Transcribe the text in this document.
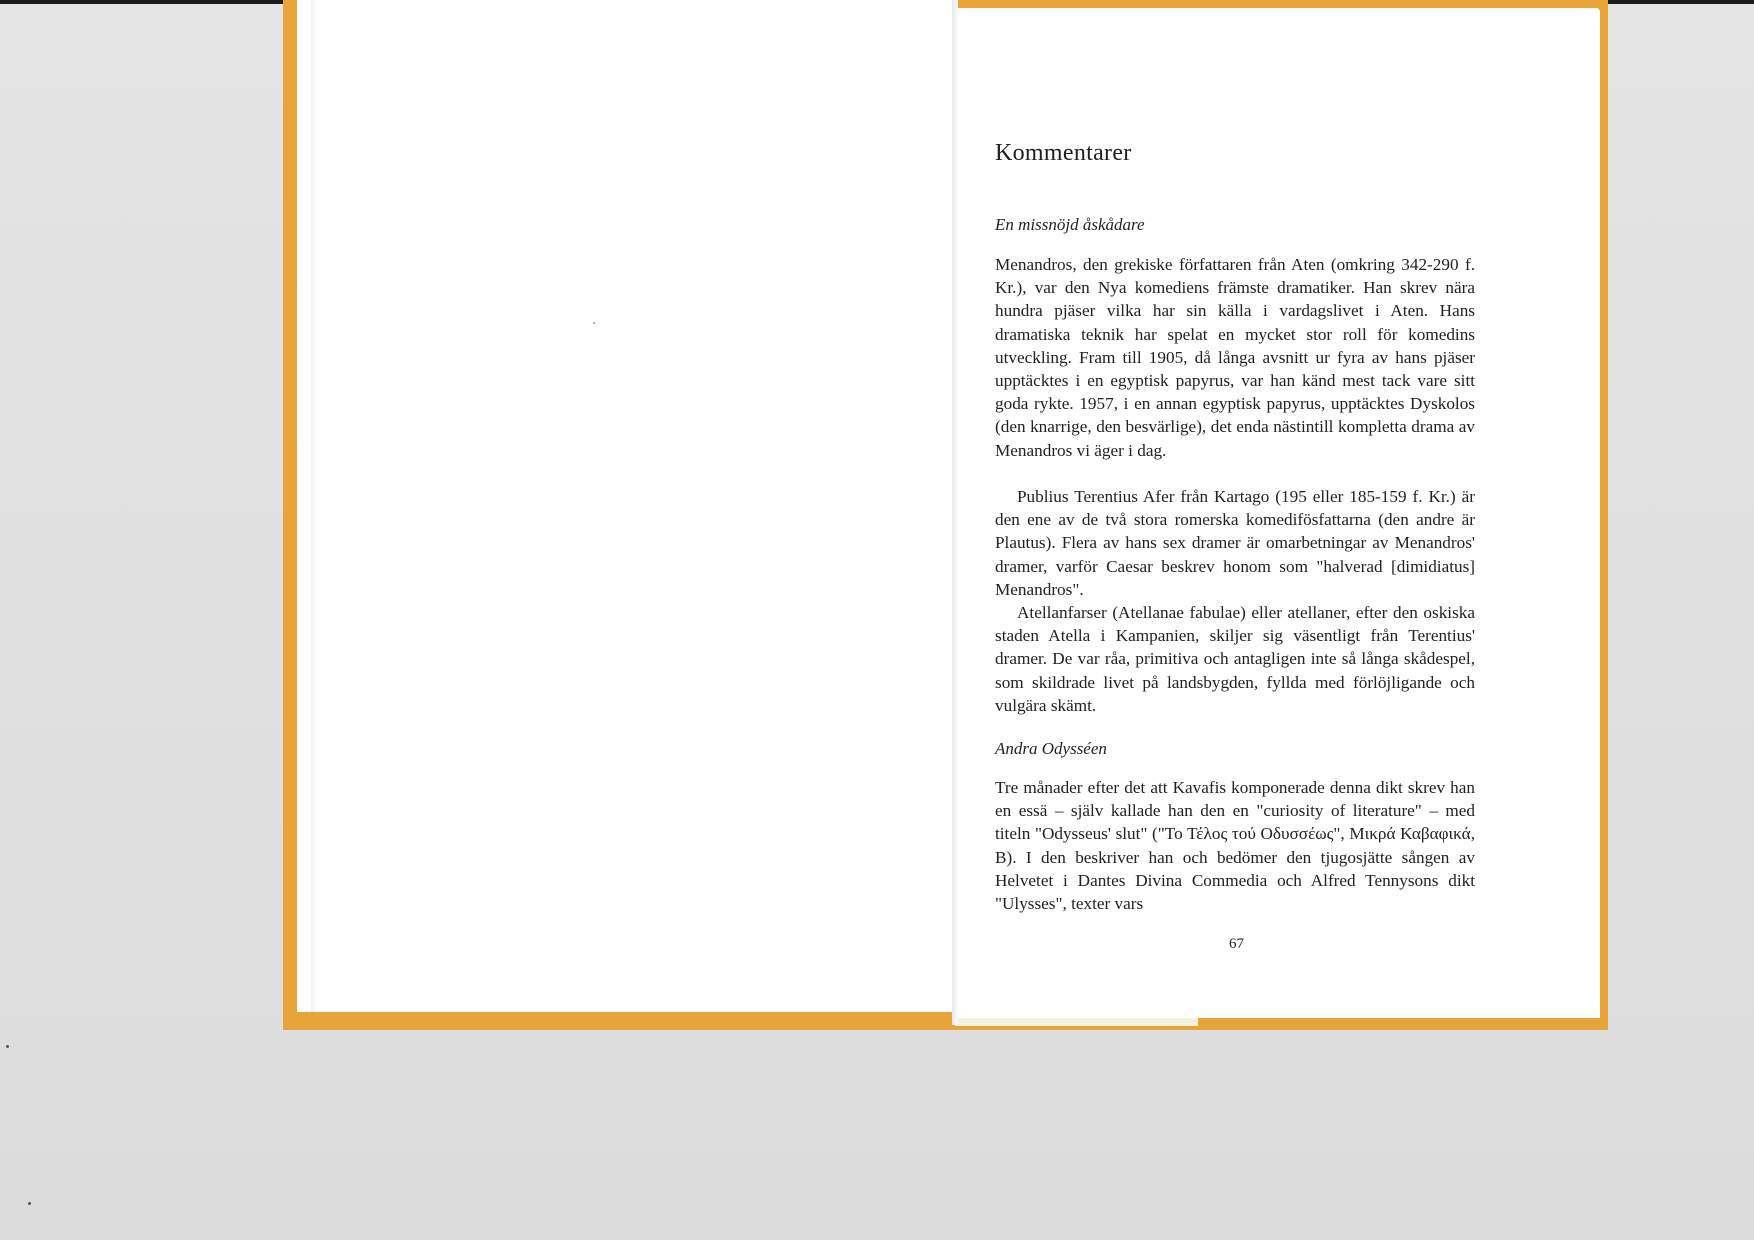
Kommentarer
En missnöjd åskådare
Menandros, den grekiske författaren från Aten (omkring 342-290 f. Kr.), var den Nya komediens främste dramatiker. Han skrev nära hundra pjäser vilka har sin källa i vardagslivet i Aten. Hans dramatiska teknik har spelat en mycket stor roll för komedins utveckling. Fram till 1905, då långa avsnitt ur fyra av hans pjäser upptäcktes i en egyptisk papyrus, var han känd mest tack vare sitt goda rykte. 1957, i en annan egyptisk papyrus, upptäcktes Dyskolos (den knarrige, den besvärlige), det enda nästintill kompletta drama av Menandros vi äger i dag.
Publius Terentius Afer från Kartago (195 eller 185-159 f. Kr.) är den ene av de två stora romerska komedifösfattarna (den andre är Plautus). Flera av hans sex dramer är omarbetningar av Menandros' dramer, varför Caesar beskrev honom som "halverad [dimidiatus] Menandros".
Atellanfarser (Atellanae fabulae) eller atellaner, efter den oskiska staden Atella i Kampanien, skiljer sig väsentligt från Terentius' dramer. De var råa, primitiva och antagligen inte så långa skådespel, som skildrade livet på landsbygden, fyllda med förlöjligande och vulgära skämt.
Andra Odysséen
Tre månader efter det att Kavafis komponerade denna dikt skrev han en essä – själv kallade han den en "curiosity of literature" – med titeln "Odysseus' slut" ("Το Τέλος τού Οδυσσέως", Μικρά Καβαφικά, Β). I den beskriver han och bedömer den tjugosjätte sången av Helvetet i Dantes Divina Commedia och Alfred Tennysons dikt "Ulysses", texter vars
67
